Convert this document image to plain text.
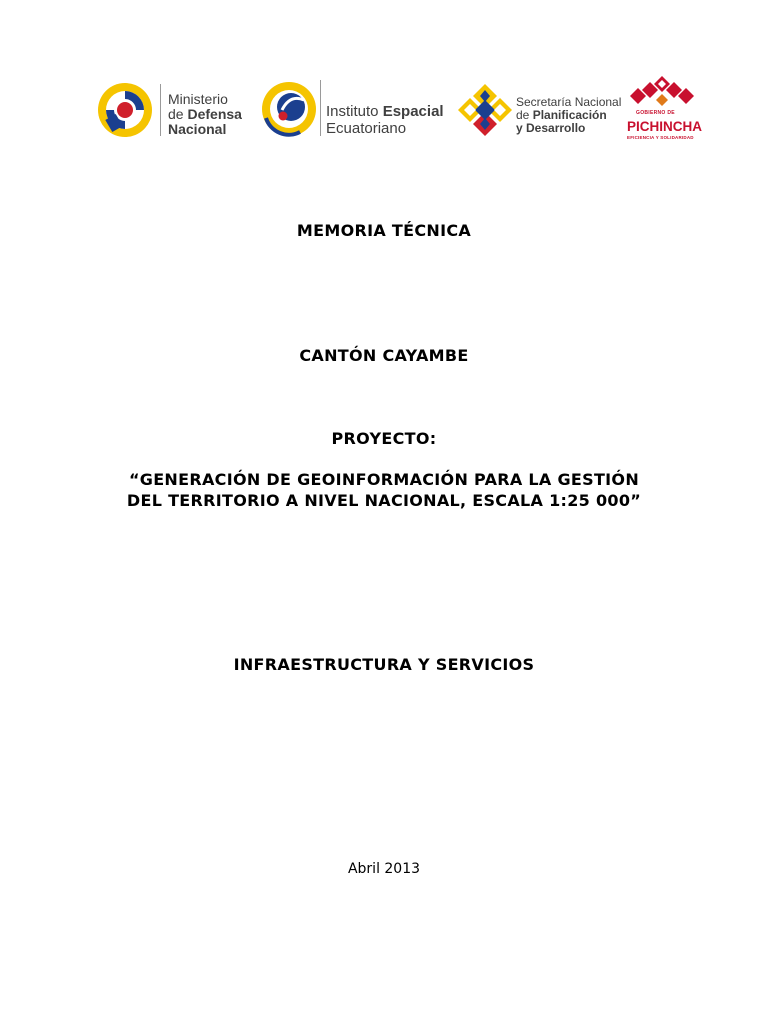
Ministerio
de Defensa
Nacional
Instituto Espacial
Ecuatoriano
Secretaría Nacional
de Planificación
y Desarrollo
GOBIERNO DE
PICHINCHA
EFICIENCIA Y SOLIDARIDAD

MEMORIA TÉCNICA

CANTÓN CAYAMBE

PROYECTO:

“GENERACIÓN DE GEOINFORMACIÓN PARA LA GESTIÓN

DEL TERRITORIO A NIVEL NACIONAL, ESCALA 1:25 000”

INFRAESTRUCTURA Y SERVICIOS

Abril 2013
